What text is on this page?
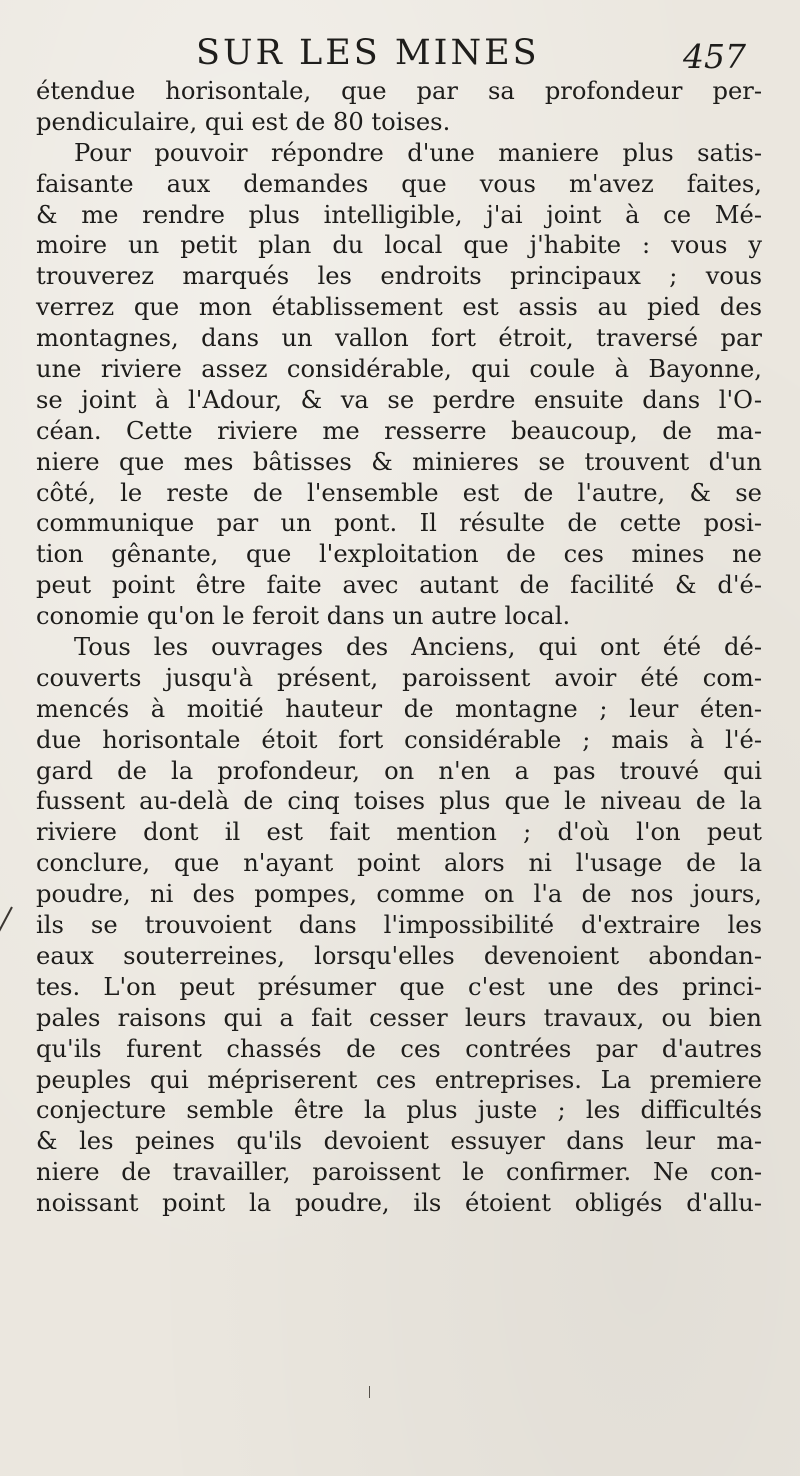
SUR LES MINES	457
étendue horisontale, que par sa profondeur per-
pendiculaire, qui est de 80 toises.
Pour pouvoir répondre d'une maniere plus satis-
faisante aux demandes que vous m'avez faites,
& me rendre plus intelligible, j'ai joint à ce Mé-
moire un petit plan du local que j'habite : vous y
trouverez marqués les endroits principaux ; vous
verrez que mon établissement est assis au pied des
montagnes, dans un vallon fort étroit, traversé par
une riviere assez considérable, qui coule à Bayonne,
se joint à l'Adour, & va se perdre ensuite dans l'O-
céan. Cette riviere me resserre beaucoup, de ma-
niere que mes bâtisses & minieres se trouvent d'un
côté, le reste de l'ensemble est de l'autre, & se
communique par un pont. Il résulte de cette posi-
tion gênante, que l'exploitation de ces mines ne
peut point être faite avec autant de facilité & d'é-
conomie qu'on le feroit dans un autre local.
Tous les ouvrages des Anciens, qui ont été dé-
couverts jusqu'à présent, paroissent avoir été com-
mencés à moitié hauteur de montagne ; leur éten-
due horisontale étoit fort considérable ; mais à l'é-
gard de la profondeur, on n'en a pas trouvé qui
fussent au-delà de cinq toises plus que le niveau de la
riviere dont il est fait mention ; d'où l'on peut
conclure, que n'ayant point alors ni l'usage de la
poudre, ni des pompes, comme on l'a de nos jours,
ils se trouvoient dans l'impossibilité d'extraire les
eaux souterreines, lorsqu'elles devenoient abondan-
tes. L'on peut présumer que c'est une des princi-
pales raisons qui a fait cesser leurs travaux, ou bien
qu'ils furent chassés de ces contrées par d'autres
peuples qui mépriserent ces entreprises. La premiere
conjecture semble être la plus juste ; les difficultés
& les peines qu'ils devoient essuyer dans leur ma-
niere de travailler, paroissent le confirmer. Ne con-
noissant point la poudre, ils étoient obligés d'allu-
